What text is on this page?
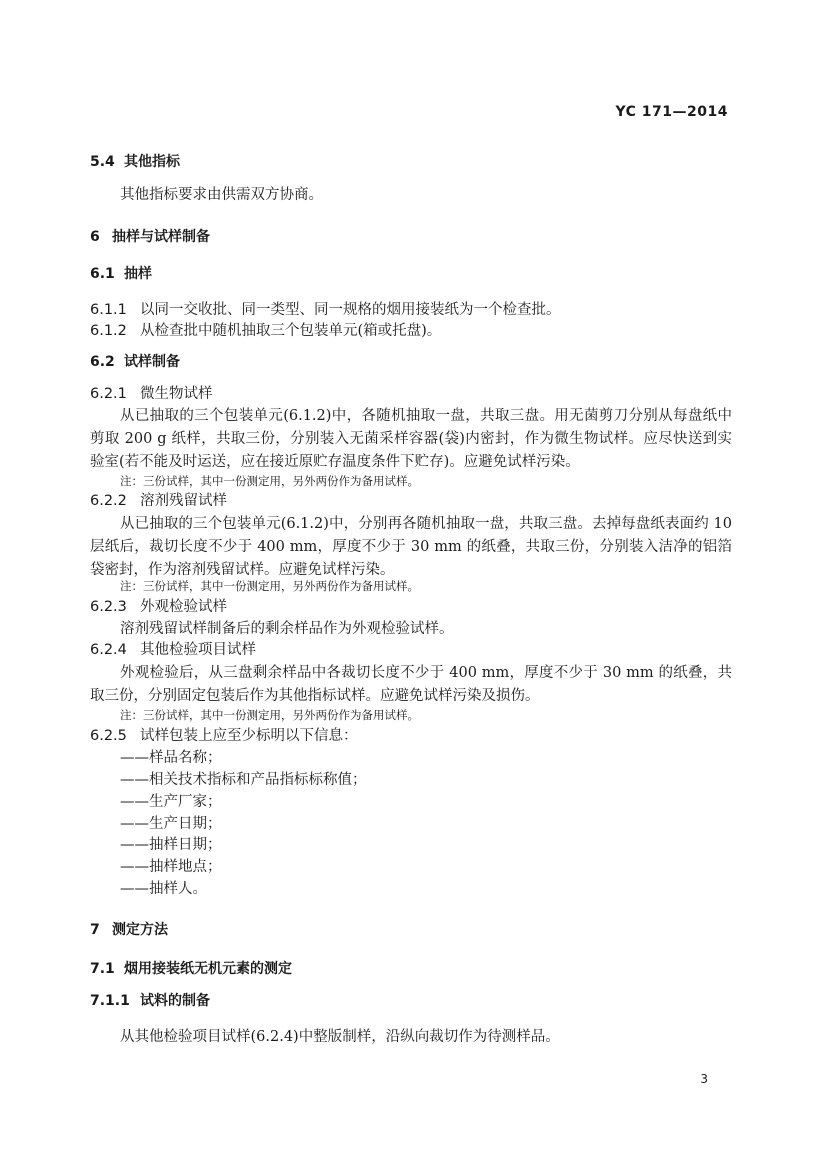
YC 171—2014
5.4 其他指标
其他指标要求由供需双方协商。
6 抽样与试样制备
6.1 抽样
6.1.1 以同一交收批、同一类型、同一规格的烟用接装纸为一个检查批。
6.1.2 从检查批中随机抽取三个包装单元(箱或托盘)。
6.2 试样制备
6.2.1 微生物试样
从已抽取的三个包装单元(6.1.2)中，各随机抽取一盘，共取三盘。用无菌剪刀分别从每盘纸中剪取 200 g 纸样，共取三份，分别装入无菌采样容器(袋)内密封，作为微生物试样。应尽快送到实验室(若不能及时运送，应在接近原贮存温度条件下贮存)。应避免试样污染。
注：三份试样，其中一份测定用，另外两份作为备用试样。
6.2.2 溶剂残留试样
从已抽取的三个包装单元(6.1.2)中，分别再各随机抽取一盘，共取三盘。去掉每盘纸表面约 10 层纸后，裁切长度不少于 400 mm，厚度不少于 30 mm 的纸叠，共取三份，分别装入洁净的铝箔袋密封，作为溶剂残留试样。应避免试样污染。
注：三份试样，其中一份测定用，另外两份作为备用试样。
6.2.3 外观检验试样
溶剂残留试样制备后的剩余样品作为外观检验试样。
6.2.4 其他检验项目试样
外观检验后，从三盘剩余样品中各裁切长度不少于 400 mm，厚度不少于 30 mm 的纸叠，共取三份，分别固定包装后作为其他指标试样。应避免试样污染及损伤。
注：三份试样，其中一份测定用，另外两份作为备用试样。
6.2.5 试样包装上应至少标明以下信息：
——样品名称；
——相关技术指标和产品指标标称值；
——生产厂家；
——生产日期；
——抽样日期；
——抽样地点；
——抽样人。
7 测定方法
7.1 烟用接装纸无机元素的测定
7.1.1 试料的制备
从其他检验项目试样(6.2.4)中整版制样，沿纵向裁切作为待测样品。
3
